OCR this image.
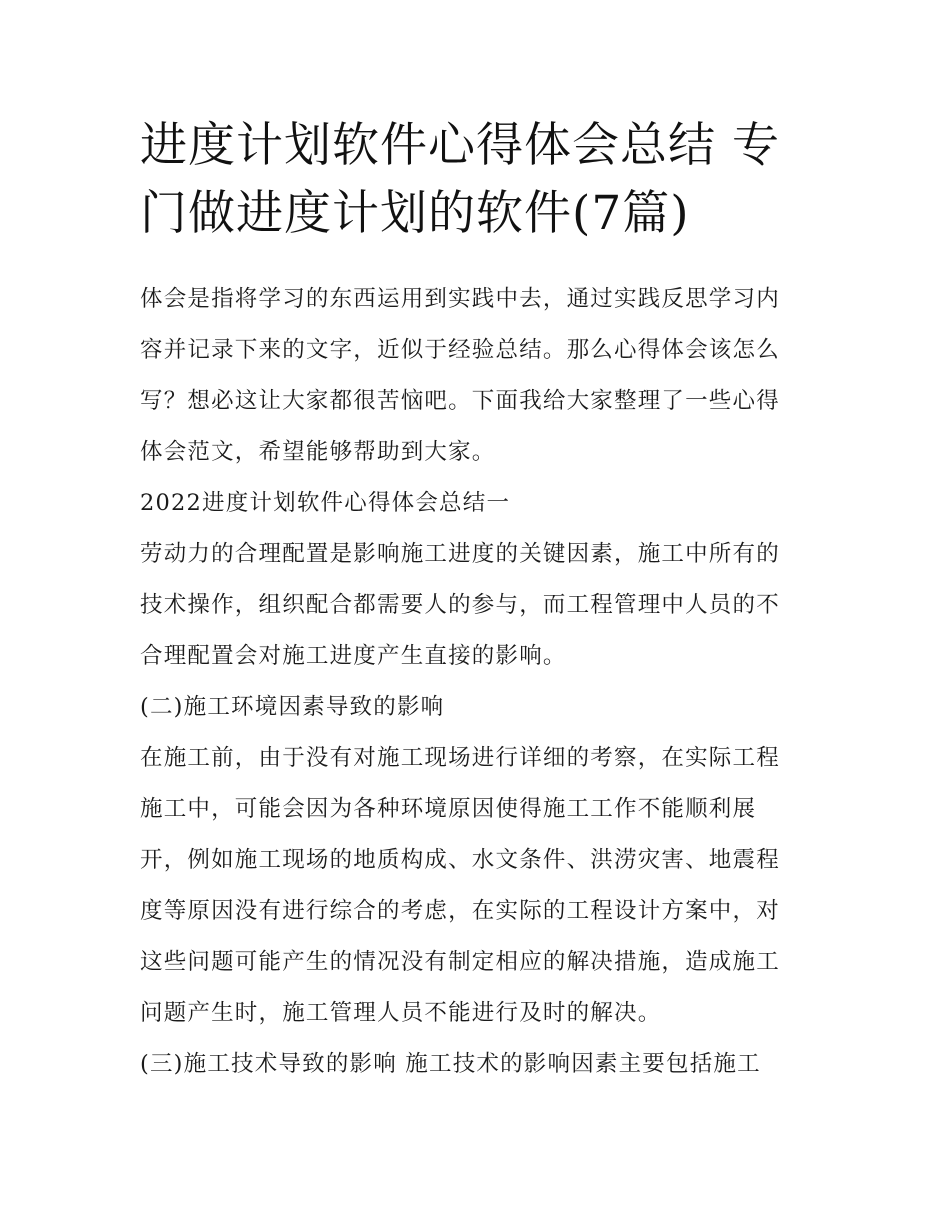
进度计划软件心得体会总结 专
门做进度计划的软件(7篇)

体会是指将学习的东西运用到实践中去，通过实践反思学习内
容并记录下来的文字，近似于经验总结。那么心得体会该怎么
写？想必这让大家都很苦恼吧。下面我给大家整理了一些心得
体会范文，希望能够帮助到大家。

2022进度计划软件心得体会总结一

劳动力的合理配置是影响施工进度的关键因素，施工中所有的
技术操作，组织配合都需要人的参与，而工程管理中人员的不
合理配置会对施工进度产生直接的影响。

(二)施工环境因素导致的影响

在施工前，由于没有对施工现场进行详细的考察，在实际工程
施工中，可能会因为各种环境原因使得施工工作不能顺利展
开，例如施工现场的地质构成、水文条件、洪涝灾害、地震程
度等原因没有进行综合的考虑，在实际的工程设计方案中，对
这些问题可能产生的情况没有制定相应的解决措施，造成施工
问题产生时，施工管理人员不能进行及时的解决。

(三)施工技术导致的影响 施工技术的影响因素主要包括施工
